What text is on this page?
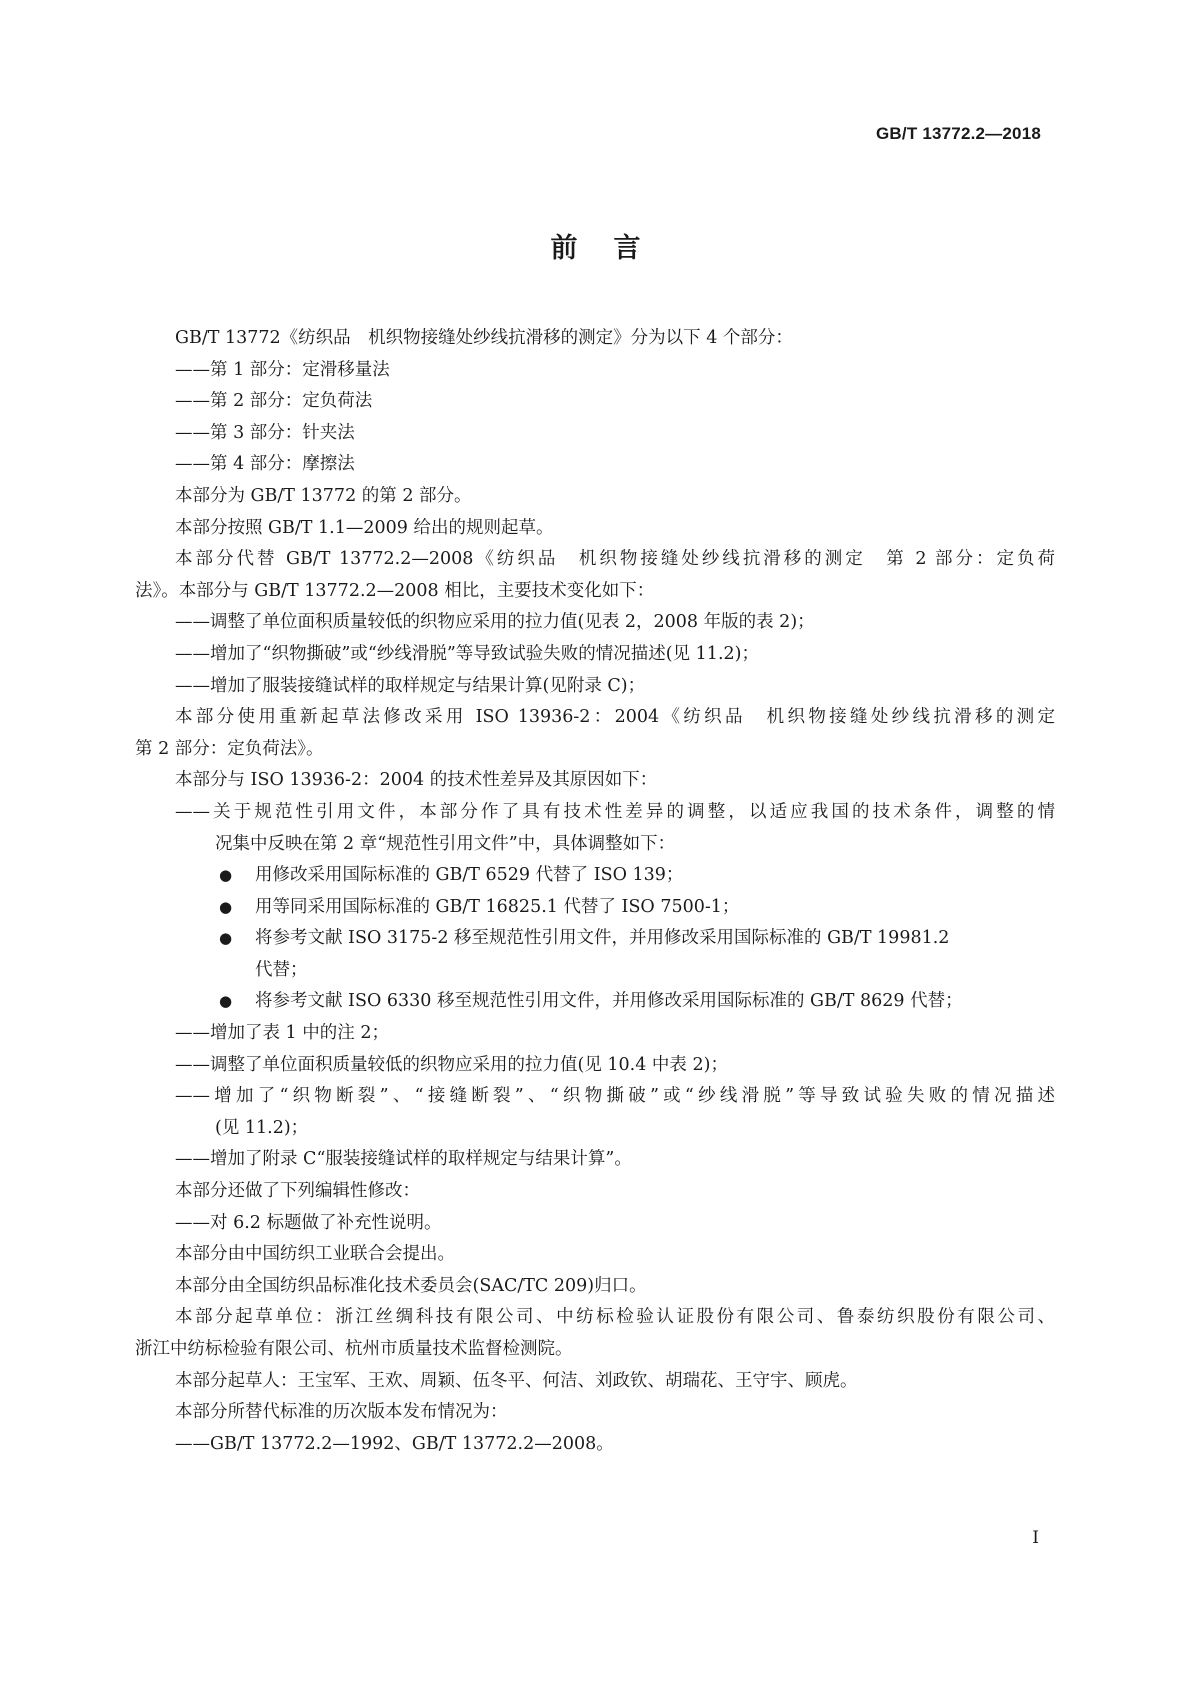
GB/T 13772.2—2018
前言
GB/T 13772《纺织品　机织物接缝处纱线抗滑移的测定》分为以下 4 个部分：
——第 1 部分：定滑移量法
——第 2 部分：定负荷法
——第 3 部分：针夹法
——第 4 部分：摩擦法
本部分为 GB/T 13772 的第 2 部分。
本部分按照 GB/T 1.1—2009 给出的规则起草。
本部分代替 GB/T 13772.2—2008《纺织品　机织物接缝处纱线抗滑移的测定　第 2 部分：定负荷
法》。本部分与 GB/T 13772.2—2008 相比，主要技术变化如下：
——调整了单位面积质量较低的织物应采用的拉力值(见表 2，2008 年版的表 2)；
——增加了“织物撕破”或“纱线滑脱”等导致试验失败的情况描述(见 11.2)；
——增加了服装接缝试样的取样规定与结果计算(见附录 C)；
本部分使用重新起草法修改采用 ISO 13936-2：2004《纺织品　机织物接缝处纱线抗滑移的测定
第 2 部分：定负荷法》。
本部分与 ISO 13936-2：2004 的技术性差异及其原因如下：
——关于规范性引用文件，本部分作了具有技术性差异的调整，以适应我国的技术条件，调整的情
况集中反映在第 2 章“规范性引用文件”中，具体调整如下：
● 用修改采用国际标准的 GB/T 6529 代替了 ISO 139；
● 用等同采用国际标准的 GB/T 16825.1 代替了 ISO 7500-1；
● 将参考文献 ISO 3175-2 移至规范性引用文件，并用修改采用国际标准的 GB/T 19981.2
代替；
● 将参考文献 ISO 6330 移至规范性引用文件，并用修改采用国际标准的 GB/T 8629 代替；
——增加了表 1 中的注 2；
——调整了单位面积质量较低的织物应采用的拉力值(见 10.4 中表 2)；
——增加了“织物断裂”、“接缝断裂”、“织物撕破”或“纱线滑脱”等导致试验失败的情况描述
(见 11.2)；
——增加了附录 C“服装接缝试样的取样规定与结果计算”。
本部分还做了下列编辑性修改：
——对 6.2 标题做了补充性说明。
本部分由中国纺织工业联合会提出。
本部分由全国纺织品标准化技术委员会(SAC/TC 209)归口。
本部分起草单位：浙江丝绸科技有限公司、中纺标检验认证股份有限公司、鲁泰纺织股份有限公司、
浙江中纺标检验有限公司、杭州市质量技术监督检测院。
本部分起草人：王宝军、王欢、周颖、伍冬平、何洁、刘政钦、胡瑞花、王守宇、顾虎。
本部分所替代标准的历次版本发布情况为：
——GB/T 13772.2—1992、GB/T 13772.2—2008。
I
